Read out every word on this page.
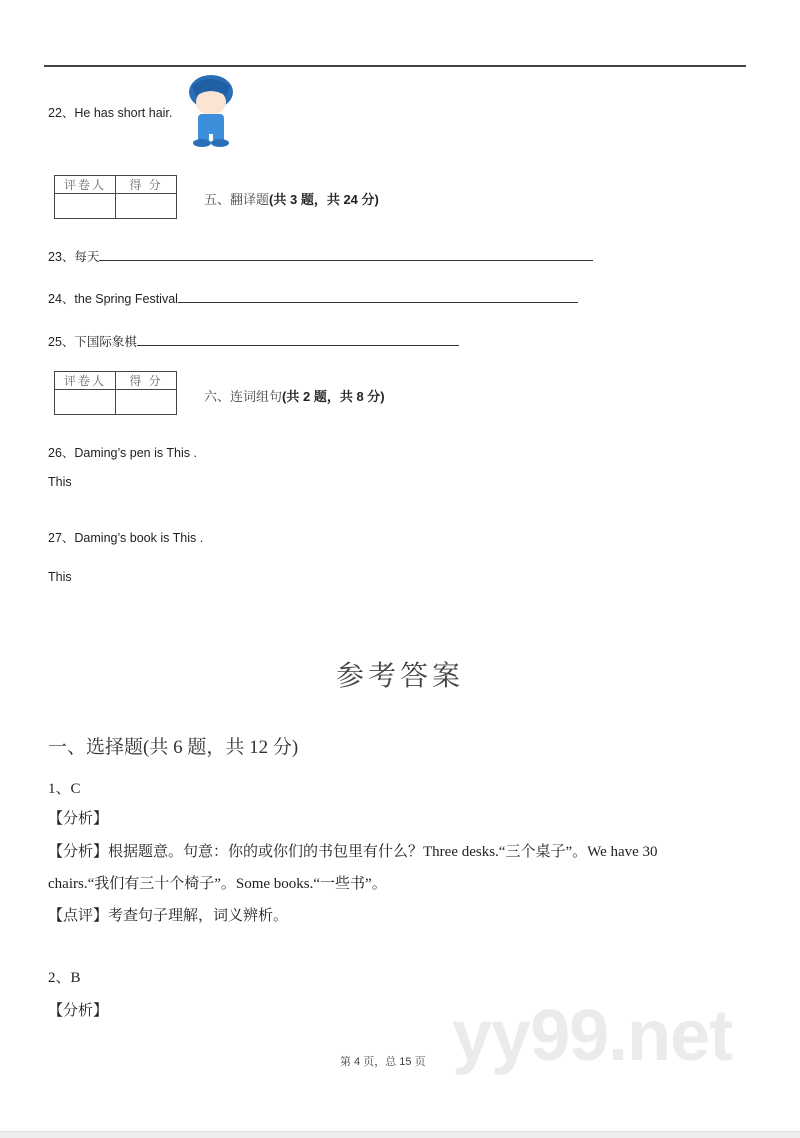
22、He has short hair.
评卷人	得 分

五、翻译题(共 3 题，共 24 分)
23、每天
24、the Spring Festival
25、下国际象棋
评卷人	得 分

六、连词组句(共 2 题，共 8 分)
26、Daming’s pen is This .
This
27、Daming’s book is This .
This
参考答案
一、选择题(共 6 题，共 12 分)
1、C
【分析】
【分析】根据题意。句意：你的或你们的书包里有什么？Three desks.“三个桌子”。We have 30
chairs.“我们有三十个椅子”。Some books.“一些书”。
【点评】考查句子理解，词义辨析。
2、B
【分析】	yy99.net
第 4 页，总 15 页
